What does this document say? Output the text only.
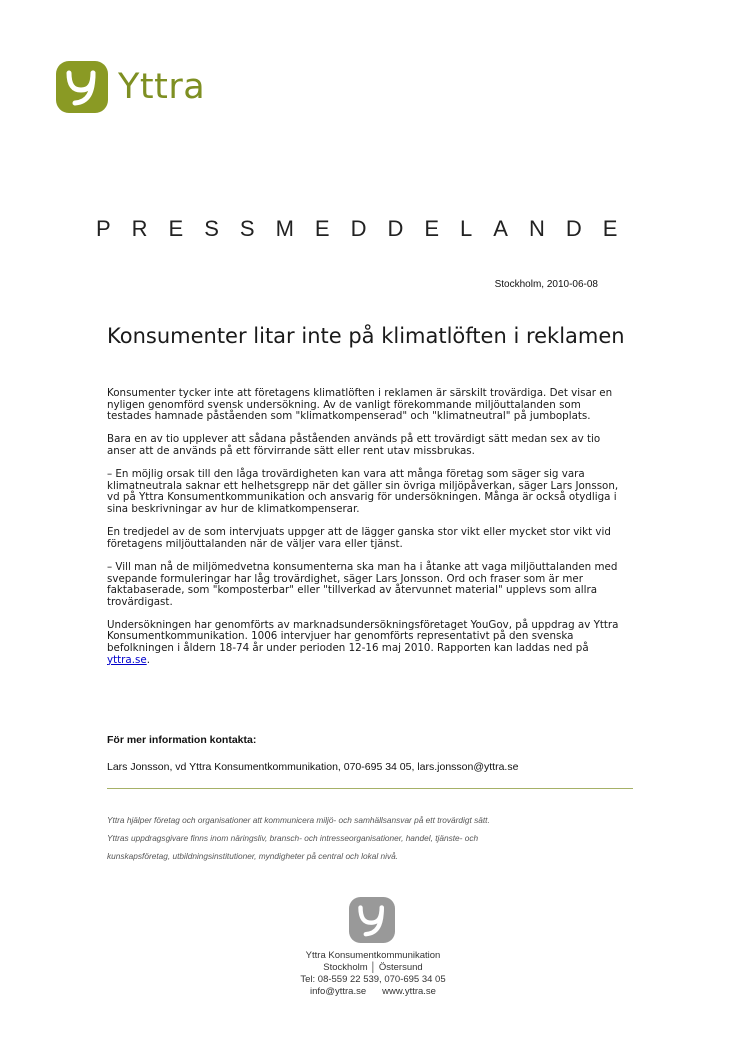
Yttra
PRESSMEDDELANDE
Stockholm, 2010-06-08
Konsumenter litar inte på klimatlöften i reklamen

Konsumenter tycker inte att företagens klimatlöften i reklamen är särskilt trovärdiga. Det visar en nyligen genomförd svensk undersökning. Av de vanligt förekommande miljöuttalanden som testades hamnade påståenden som "klimatkompenserad" och "klimatneutral" på jumboplats.

Bara en av tio upplever att sådana påståenden används på ett trovärdigt sätt medan sex av tio anser att de används på ett förvirrande sätt eller rent utav missbrukas.

– En möjlig orsak till den låga trovärdigheten kan vara att många företag som säger sig vara klimatneutrala saknar ett helhetsgrepp när det gäller sin övriga miljöpåverkan, säger Lars Jonsson, vd på Yttra Konsumentkommunikation och ansvarig för undersökningen. Många är också otydliga i sina beskrivningar av hur de klimatkompenserar.

En tredjedel av de som intervjuats uppger att de lägger ganska stor vikt eller mycket stor vikt vid företagens miljöuttalanden när de väljer vara eller tjänst.

– Vill man nå de miljömedvetna konsumenterna ska man ha i åtanke att vaga miljöuttalanden med svepande formuleringar har låg trovärdighet, säger Lars Jonsson. Ord och fraser som är mer faktabaserade, som "komposterbar" eller "tillverkad av återvunnet material" upplevs som allra trovärdigast.

Undersökningen har genomförts av marknadsundersökningsföretaget YouGov, på uppdrag av Yttra Konsumentkommunikation. 1006 intervjuer har genomförts representativt på den svenska befolkningen i åldern 18-74 år under perioden 12-16 maj 2010. Rapporten kan laddas ned på yttra.se.

För mer information kontakta:
Lars Jonsson, vd Yttra Konsumentkommunikation, 070-695 34 05, lars.jonsson@yttra.se

Yttra hjälper företag och organisationer att kommunicera miljö- och samhällsansvar på ett trovärdigt sätt.

Yttras uppdragsgivare finns inom näringsliv, bransch- och intresseorganisationer, handel, tjänste- och

kunskapsföretag, utbildningsinstitutioner, myndigheter på central och lokal nivå.

Yttra Konsumentkommunikation
Stockholm │ Östersund
Tel: 08-559 22 539, 070-695 34 05
info@yttra.se www.yttra.se
